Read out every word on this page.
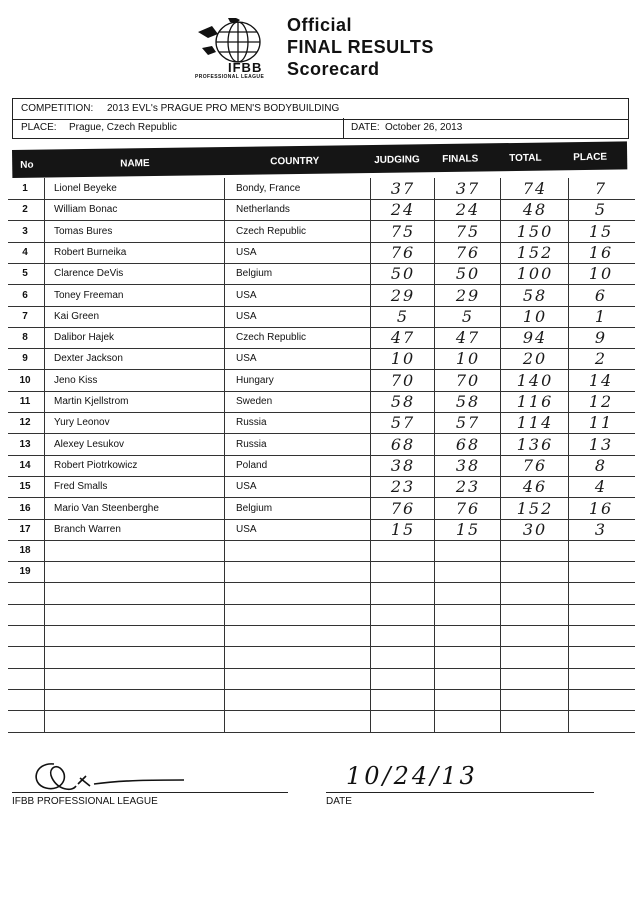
IFBB
PROFESSIONAL LEAGUE
Official
FINAL RESULTS
Scorecard
COMPETITION: 2013 EVL's PRAGUE PRO MEN'S BODYBUILDING
PLACE: Prague, Czech Republic	DATE: October 26, 2013
No	NAME	COUNTRY	JUDGING FINALS	TOTAL	PLACE
1	Lionel Beyeke	Bondy, France	37	37	74	7
2	William Bonac	Netherlands	24	24	48	5
3	Tomas Bures	Czech Republic	75	75	150	15
4	Robert Burneika	USA	76	76	152	16
5	Clarence DeVis	Belgium	50	50	100	10
6	Toney Freeman	USA	29	29	58	6
7	Kai Green	USA	5	5	10	1
8	Dalibor Hajek	Czech Republic	47	47	94	9
9	Dexter Jackson	USA	10	10	20	2
10	Jeno Kiss	Hungary	70	70	140	14
11	Martin Kjellstrom	Sweden	58	58	116	12
12	Yury Leonov	Russia	57	57	114	11
13	Alexey Lesukov	Russia	68	68	136	13
14	Robert Piotrkowicz	Poland	38	38	76	8
15	Fred Smalls	USA	23	23	46	4
16	Mario Van Steenberghe	Belgium	76	76	152	16
17	Branch Warren	USA	15	15	30	3
18
19
IFBB PROFESSIONAL LEAGUE
10/24/13
DATE
